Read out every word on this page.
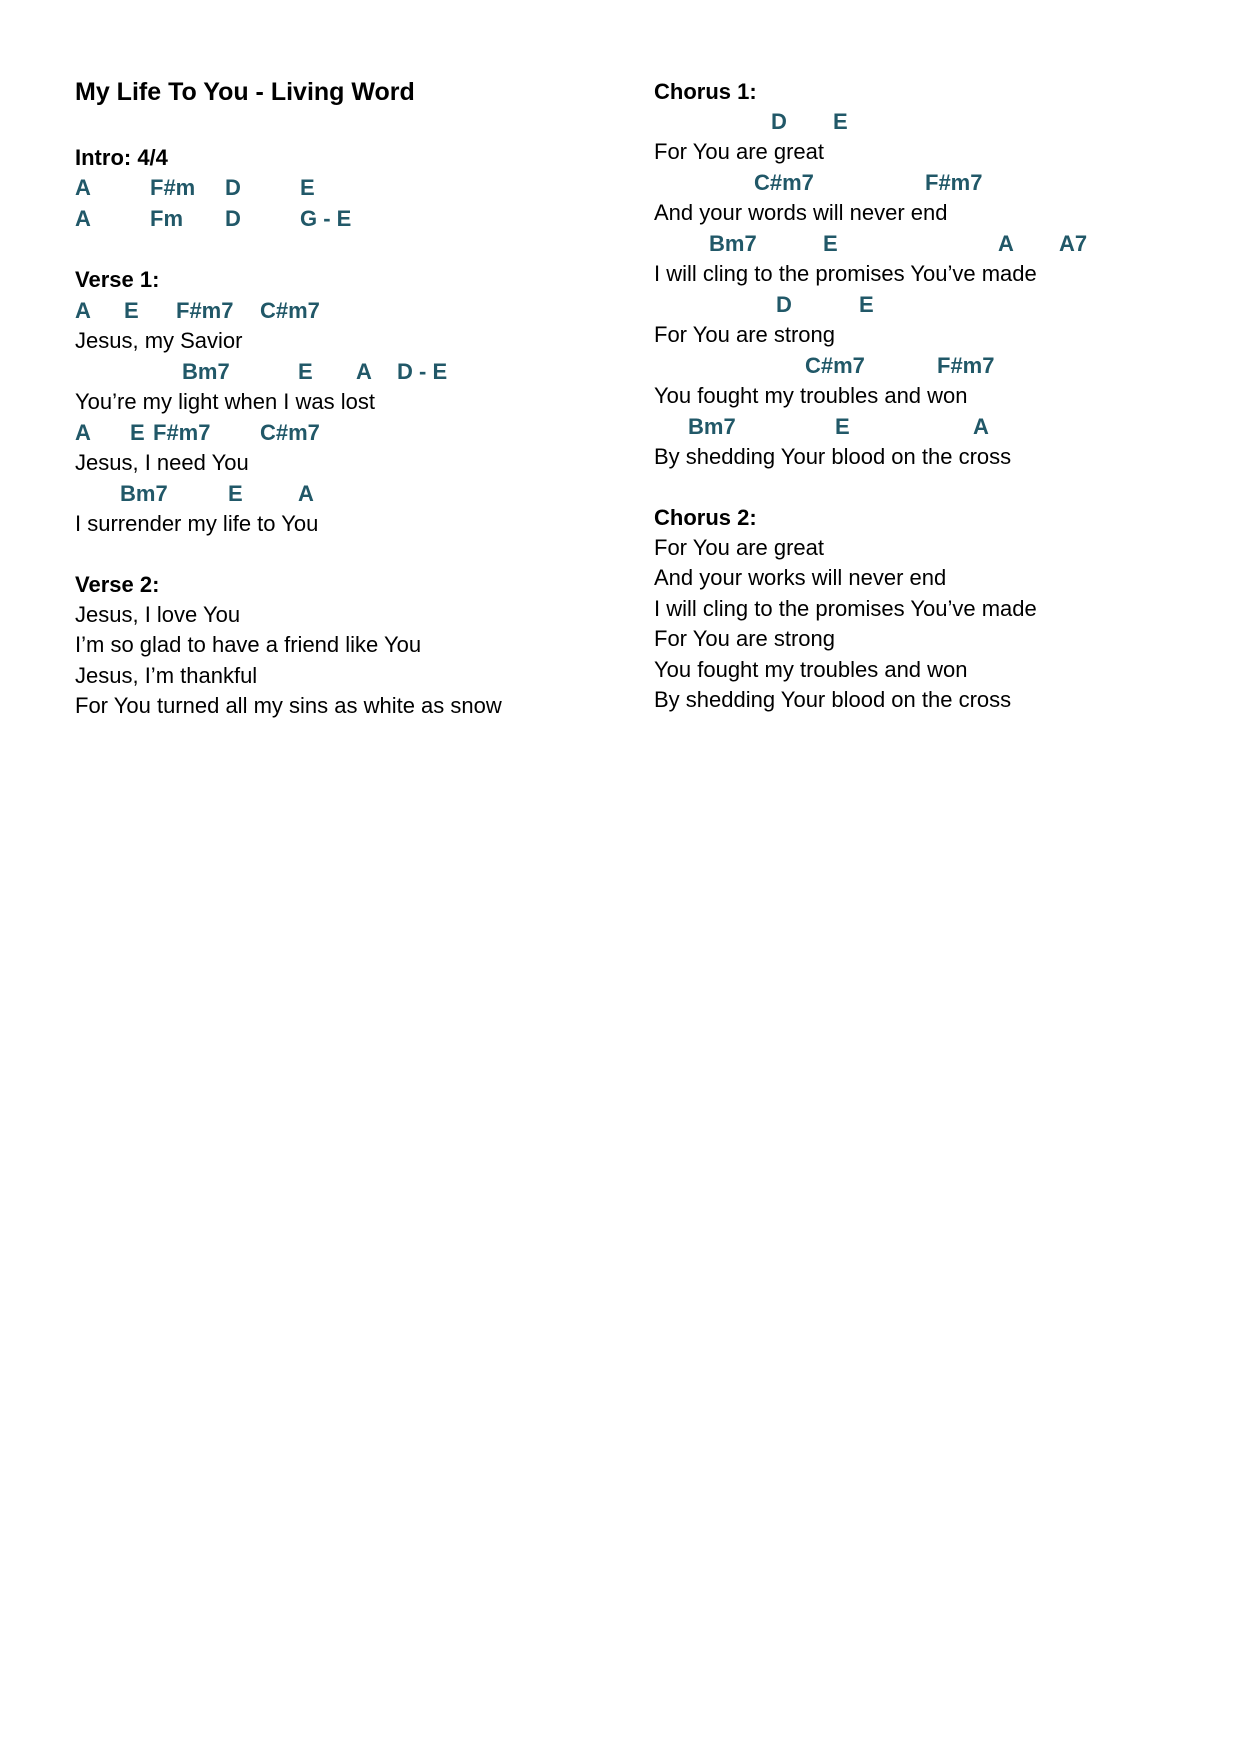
My Life To You - Living Word
Intro: 4/4
A	F#m D	E
A	Fm D	G - E
Verse 1:
A E F#m7 C#m7
Jesus, my Savior
Bm7	E A D - E
You’re my light when I was lost
A E F#m7 C#m7
Jesus, I need You
Bm7	E	A
I surrender my life to You
Verse 2:
Jesus, I love You
I’m so glad to have a friend like You
Jesus, I’m thankful
For You turned all my sins as white as snow
Chorus 1:
D E
For You are great
C#m7	F#m7
And your words will never end
Bm7	E	A A7
I will cling to the promises You’ve made
D	E
For You are strong
C#m7	F#m7
You fought my troubles and won
Bm7	E	A
By shedding Your blood on the cross
Chorus 2:
For You are great
And your works will never end
I will cling to the promises You’ve made
For You are strong
You fought my troubles and won
By shedding Your blood on the cross
